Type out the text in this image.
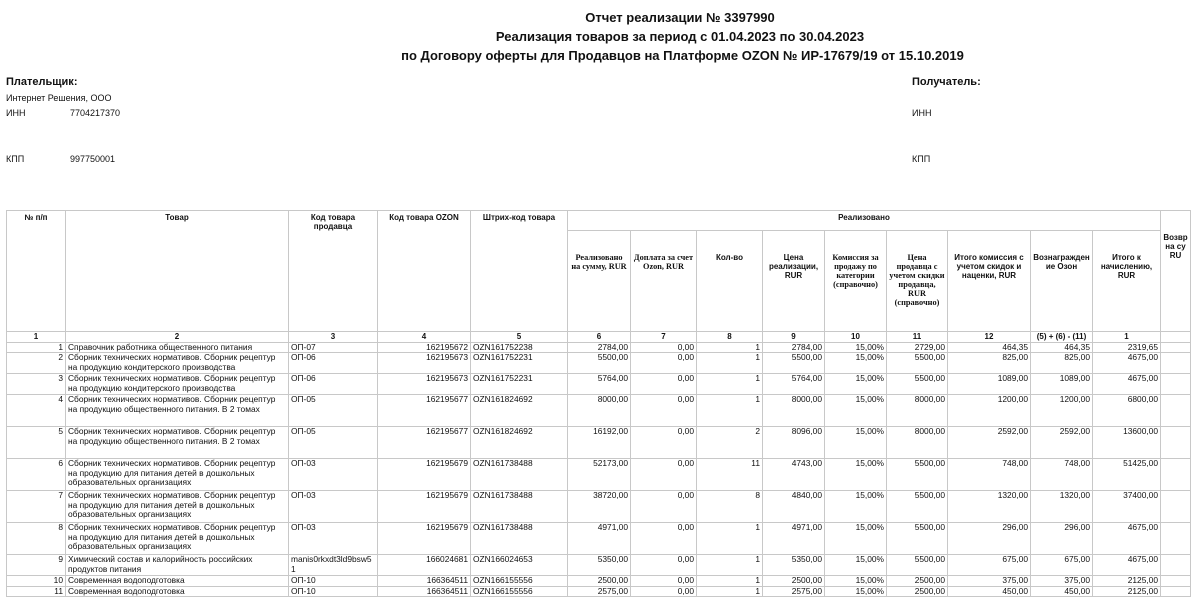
Отчет реализации № 3397990
Реализация товаров за период с 01.04.2023 по 30.04.2023
по Договору оферты для Продавцов на Платформе OZON № ИР-17679/19 от 15.10.2019
Плательщик:
Интернет Решения, ООО
ИНН	7704217370
КПП	997750001
Получатель:
ИНН
КПП
№ п/п	Товар	Код товара продавца	Код товара OZON	Штрих-код товара	Реализовано									Возвр на су RU
					Реализовано на сумму, RUR	Доплата за счет Ozon, RUR	Кол-во	Цена реализации, RUR	Комиссия за продажу по категории (справочно)	Цена продавца с учетом скидки продавца, RUR (справочно)	Итого комиссия с учетом скидок и наценки, RUR	Вознагражден ие Озон	Итого к начислению, RUR	
1	2	3	4	5	6	7	8	9	10	11	12	(5) + (6) - (11)	1	
1	Справочник работника общественного питания	ОП-07	162195672	OZN161752238	2784,00	0,00	1	2784,00	15,00%	2729,00	464,35	464,35	2319,65	
2	Сборник технических нормативов. Сборник рецептур на продукцию кондитерского производства	ОП-06	162195673	OZN161752231	5500,00	0,00	1	5500,00	15,00%	5500,00	825,00	825,00	4675,00	
3	Сборник технических нормативов. Сборник рецептур на продукцию кондитерского производства	ОП-06	162195673	OZN161752231	5764,00	0,00	1	5764,00	15,00%	5500,00	1089,00	1089,00	4675,00	
4	Сборник технических нормативов. Сборник рецептур на продукцию общественного питания. В 2 томах	ОП-05	162195677	OZN161824692	8000,00	0,00	1	8000,00	15,00%	8000,00	1200,00	1200,00	6800,00	
5	Сборник технических нормативов. Сборник рецептур на продукцию общественного питания. В 2 томах	ОП-05	162195677	OZN161824692	16192,00	0,00	2	8096,00	15,00%	8000,00	2592,00	2592,00	13600,00	
6	Сборник технических нормативов. Сборник рецептур на продукцию для питания детей в дошкольных образовательных организациях	ОП-03	162195679	OZN161738488	52173,00	0,00	11	4743,00	15,00%	5500,00	748,00	748,00	51425,00	
7	Сборник технических нормативов. Сборник рецептур на продукцию для питания детей в дошкольных образовательных организациях	ОП-03	162195679	OZN161738488	38720,00	0,00	8	4840,00	15,00%	5500,00	1320,00	1320,00	37400,00	
8	Сборник технических нормативов. Сборник рецептур на продукцию для питания детей в дошкольных образовательных организациях	ОП-03	162195679	OZN161738488	4971,00	0,00	1	4971,00	15,00%	5500,00	296,00	296,00	4675,00	
9	Химический состав и калорийность российских продуктов питания	manis0rkxdt3ld9bsw5 1	166024681	OZN166024653	5350,00	0,00	1	5350,00	15,00%	5500,00	675,00	675,00	4675,00	
10	Современная водоподготовка	ОП-10	166364511	OZN166155556	2500,00	0,00	1	2500,00	15,00%	2500,00	375,00	375,00	2125,00	
11	Современная водоподготовка	ОП-10	166364511	OZN166155556	2575,00	0,00	1	2575,00	15,00%	2500,00	450,00	450,00	2125,00	
